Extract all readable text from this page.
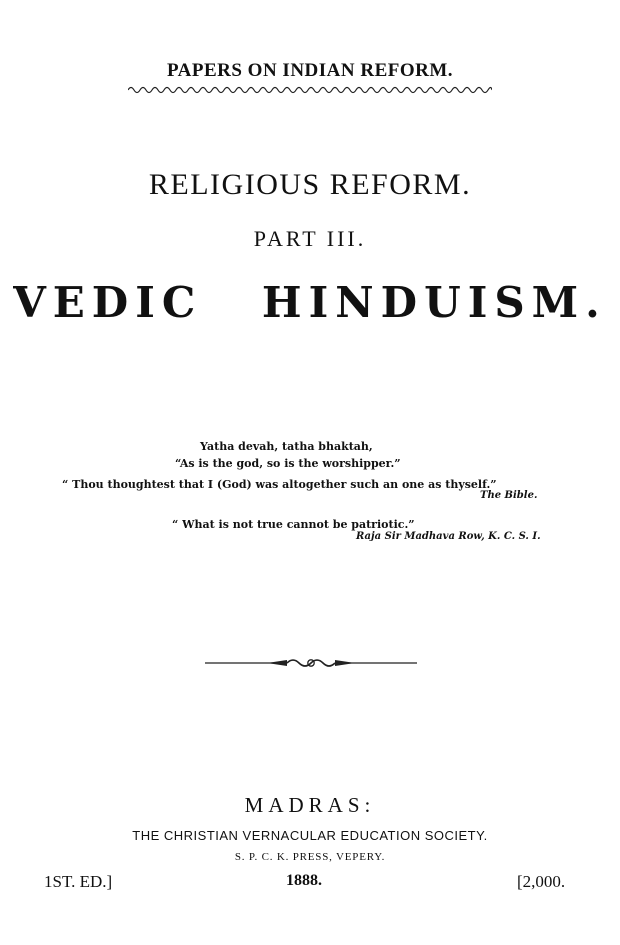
PAPERS ON INDIAN REFORM.
RELIGIOUS REFORM.
PART III.
VEDIC HINDUISM.
Yatha devah, tatha bhaktah,
“As is the god, so is the worshipper.”
“ Thou thoughtest that I (God) was altogether such an one as thyself.”
The Bible.
“ What is not true cannot be patriotic.”
Raja Sir Madhava Row, K. C. S. I.
MADRAS:
THE CHRISTIAN VERNACULAR EDUCATION SOCIETY.
S. P. C. K. PRESS, VEPERY.
1ST. ED.]	1888.	[2,000.
